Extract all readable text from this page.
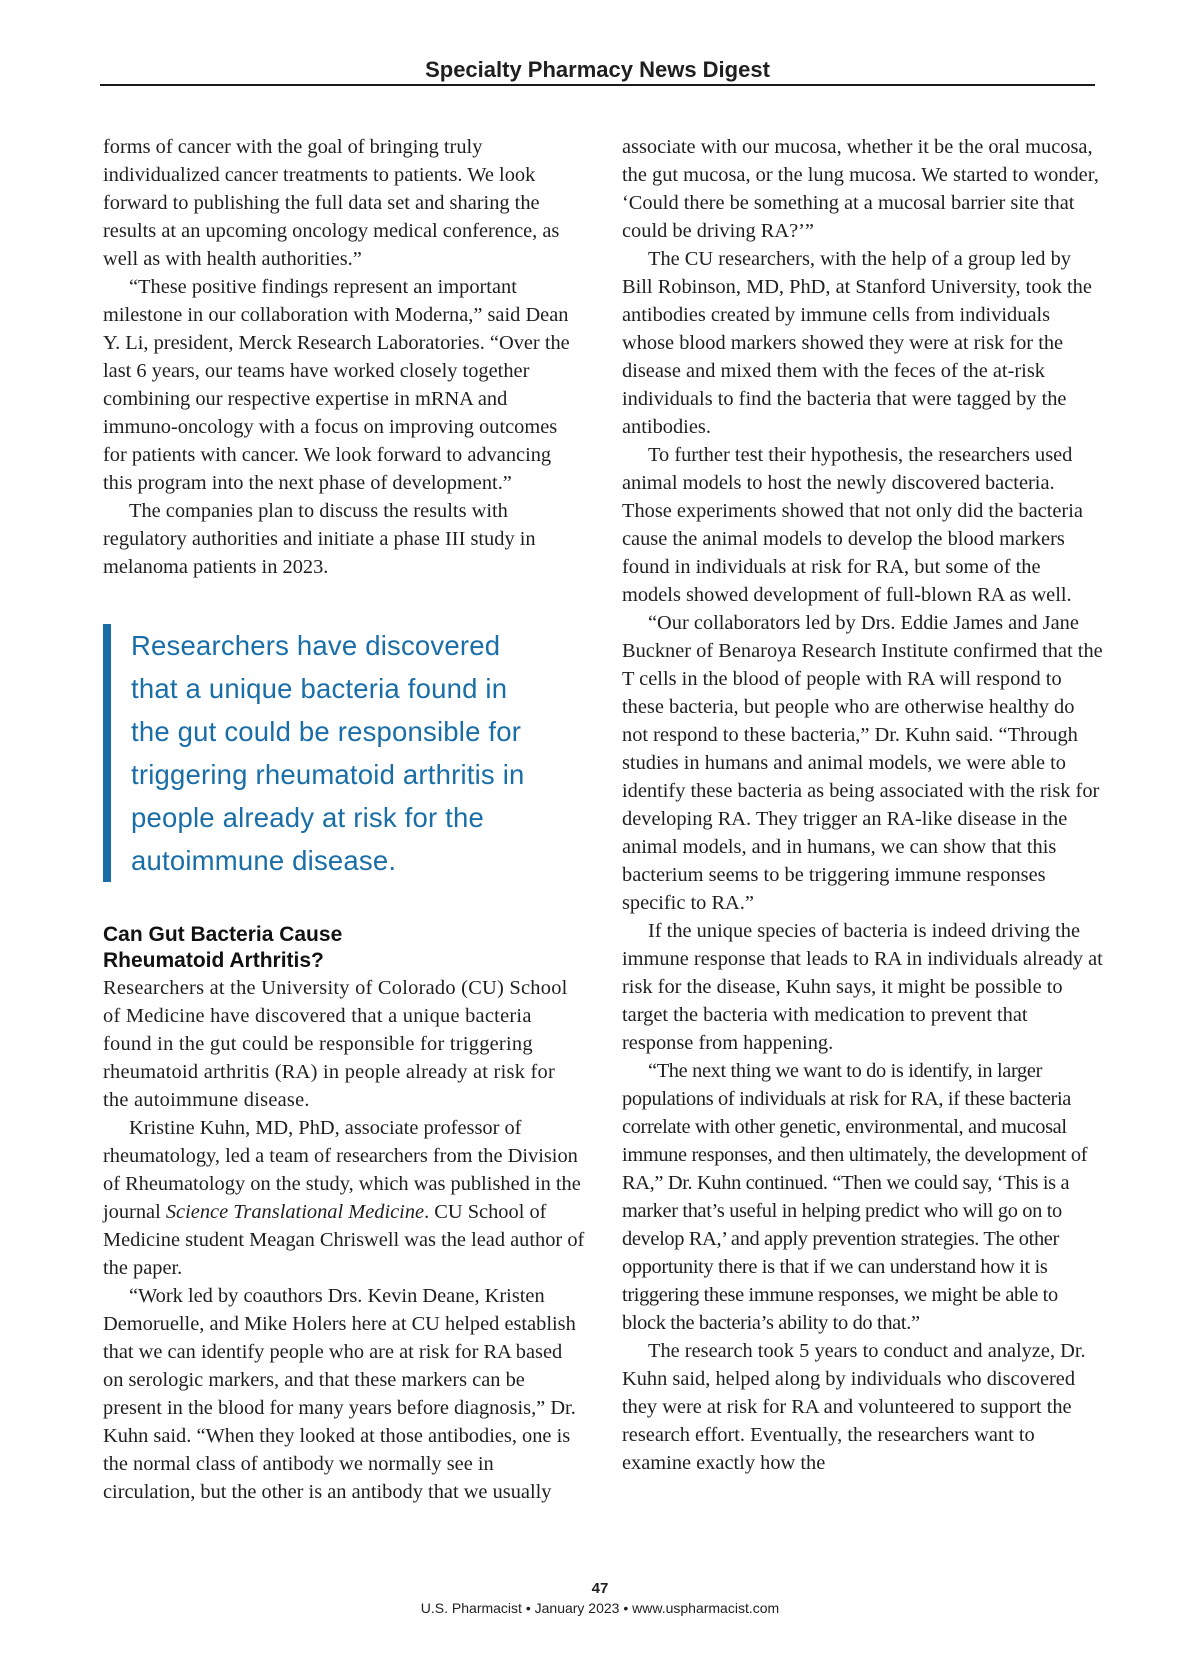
Specialty Pharmacy News Digest

forms of cancer with the goal of bringing truly individualized cancer treatments to patients. We look forward to publishing the full data set and sharing the results at an upcoming oncology medical conference, as well as with health authorities.”

“These positive findings represent an important milestone in our collaboration with Moderna,” said Dean Y. Li, president, Merck Research Laboratories. “Over the last 6 years, our teams have worked closely together combining our respective expertise in mRNA and immuno-oncology with a focus on improving outcomes for patients with cancer. We look forward to advancing this program into the next phase of development.”

The companies plan to discuss the results with regulatory authorities and initiate a phase III study in melanoma patients in 2023.

Researchers have discovered
that a unique bacteria found in
the gut could be responsible for
triggering rheumatoid arthritis in
people already at risk for the
autoimmune disease.
Can Gut Bacteria Cause
Rheumatoid Arthritis?

Researchers at the University of Colorado (CU) School of Medicine have discovered that a unique bacteria found in the gut could be responsible for triggering rheumatoid arthritis (RA) in people already at risk for the autoimmune disease.

Kristine Kuhn, MD, PhD, associate professor of rheumatology, led a team of researchers from the Division of Rheumatology on the study, which was published in the journal Science Translational Medicine. CU School of Medicine student Meagan Chriswell was the lead author of the paper.

“Work led by coauthors Drs. Kevin Deane, Kristen Demoruelle, and Mike Holers here at CU helped establish that we can identify people who are at risk for RA based on serologic markers, and that these markers can be present in the blood for many years before diagnosis,” Dr. Kuhn said. “When they looked at those antibodies, one is the normal class of antibody we normally see in circulation, but the other is an antibody that we usually

associate with our mucosa, whether it be the oral mucosa, the gut mucosa, or the lung mucosa. We started to wonder, ‘Could there be something at a mucosal barrier site that could be driving RA?’”

The CU researchers, with the help of a group led by Bill Robinson, MD, PhD, at Stanford University, took the antibodies created by immune cells from individuals whose blood markers showed they were at risk for the disease and mixed them with the feces of the at-risk individuals to find the bacteria that were tagged by the antibodies.

To further test their hypothesis, the researchers used animal models to host the newly discovered bacteria. Those experiments showed that not only did the bacteria cause the animal models to develop the blood markers found in individuals at risk for RA, but some of the models showed development of full-blown RA as well.

“Our collaborators led by Drs. Eddie James and Jane Buckner of Benaroya Research Institute confirmed that the T cells in the blood of people with RA will respond to these bacteria, but people who are otherwise healthy do not respond to these bacteria,” Dr. Kuhn said. “Through studies in humans and animal models, we were able to identify these bacteria as being associated with the risk for developing RA. They trigger an RA-like disease in the animal models, and in humans, we can show that this bacterium seems to be triggering immune responses specific to RA.”

If the unique species of bacteria is indeed driving the immune response that leads to RA in individuals already at risk for the disease, Kuhn says, it might be possible to target the bacteria with medication to prevent that response from happening.

“The next thing we want to do is identify, in larger populations of individuals at risk for RA, if these bacteria correlate with other genetic, environmental, and mucosal immune responses, and then ultimately, the development of RA,” Dr. Kuhn continued. “Then we could say, ‘This is a marker that’s useful in helping predict who will go on to develop RA,’ and apply prevention strategies. The other opportunity there is that if we can understand how it is triggering these immune responses, we might be able to block the bacteria’s ability to do that.”

The research took 5 years to conduct and analyze, Dr. Kuhn said, helped along by individuals who discovered they were at risk for RA and volunteered to support the research effort. Eventually, the researchers want to examine exactly how the

47
U.S. Pharmacist • January 2023 • www.uspharmacist.com
